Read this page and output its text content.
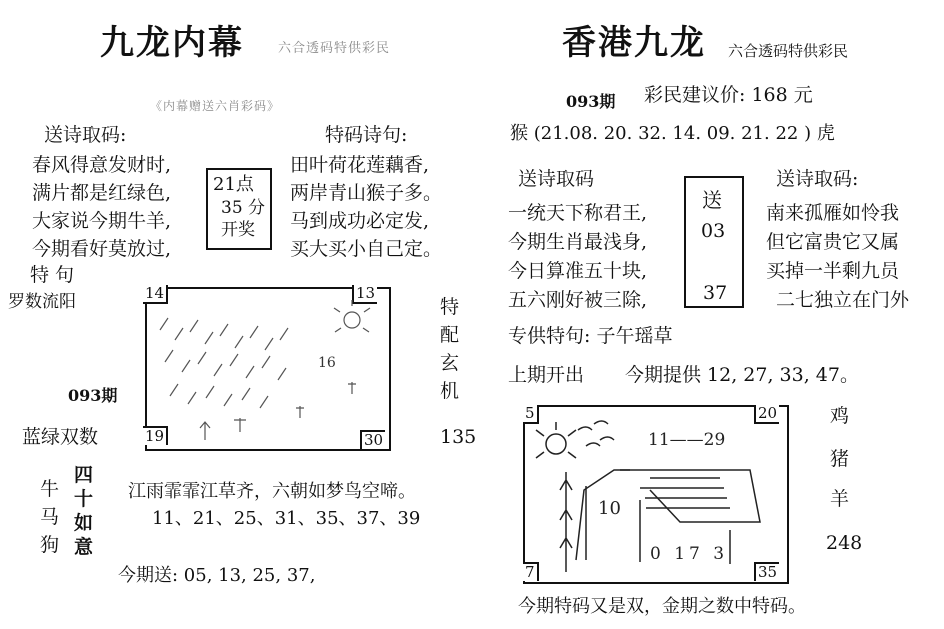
九龙内幕	六合透码特供彩民
《内幕赠送六肖彩码》
送诗取码:
春风得意发财时,
满片都是红绿色,
大家说今期牛羊,
今期看好莫放过,
21点
35 分
开奖
特码诗句:
田叶荷花莲藕香,
两岸青山猴子多。
马到成功必定发,
买大买小自己定。
特 句
罗数流阳	14	13
19	30
16
特
配
玄
机
135
093期
蓝绿双数
牛
马
狗
四
十
如
意
江雨霏霏江草齐，六朝如梦鸟空啼。
11、21、25、31、35、37、39
今期送: 05, 13, 25, 37,
香港九龙 六合透码特供彩民
093期 彩民建议价: 168 元
猴 (21.08. 20. 32. 14. 09. 21. 22 ) 虎
送诗取码
一统天下称君王,
今期生肖最浅身,
今日算准五十块,
五六刚好被三除,
送
03
37
送诗取码:
南来孤雁如怜我
但它富贵它又属
买掉一半剩九员
二七独立在门外
专供特句: 子午瑶草
上期开出 今期提供 12, 27, 33, 47。
5	20
7	35
11——29
10
0 17 3
鸡
猪
羊
248
今期特码又是双，金期之数中特码。
